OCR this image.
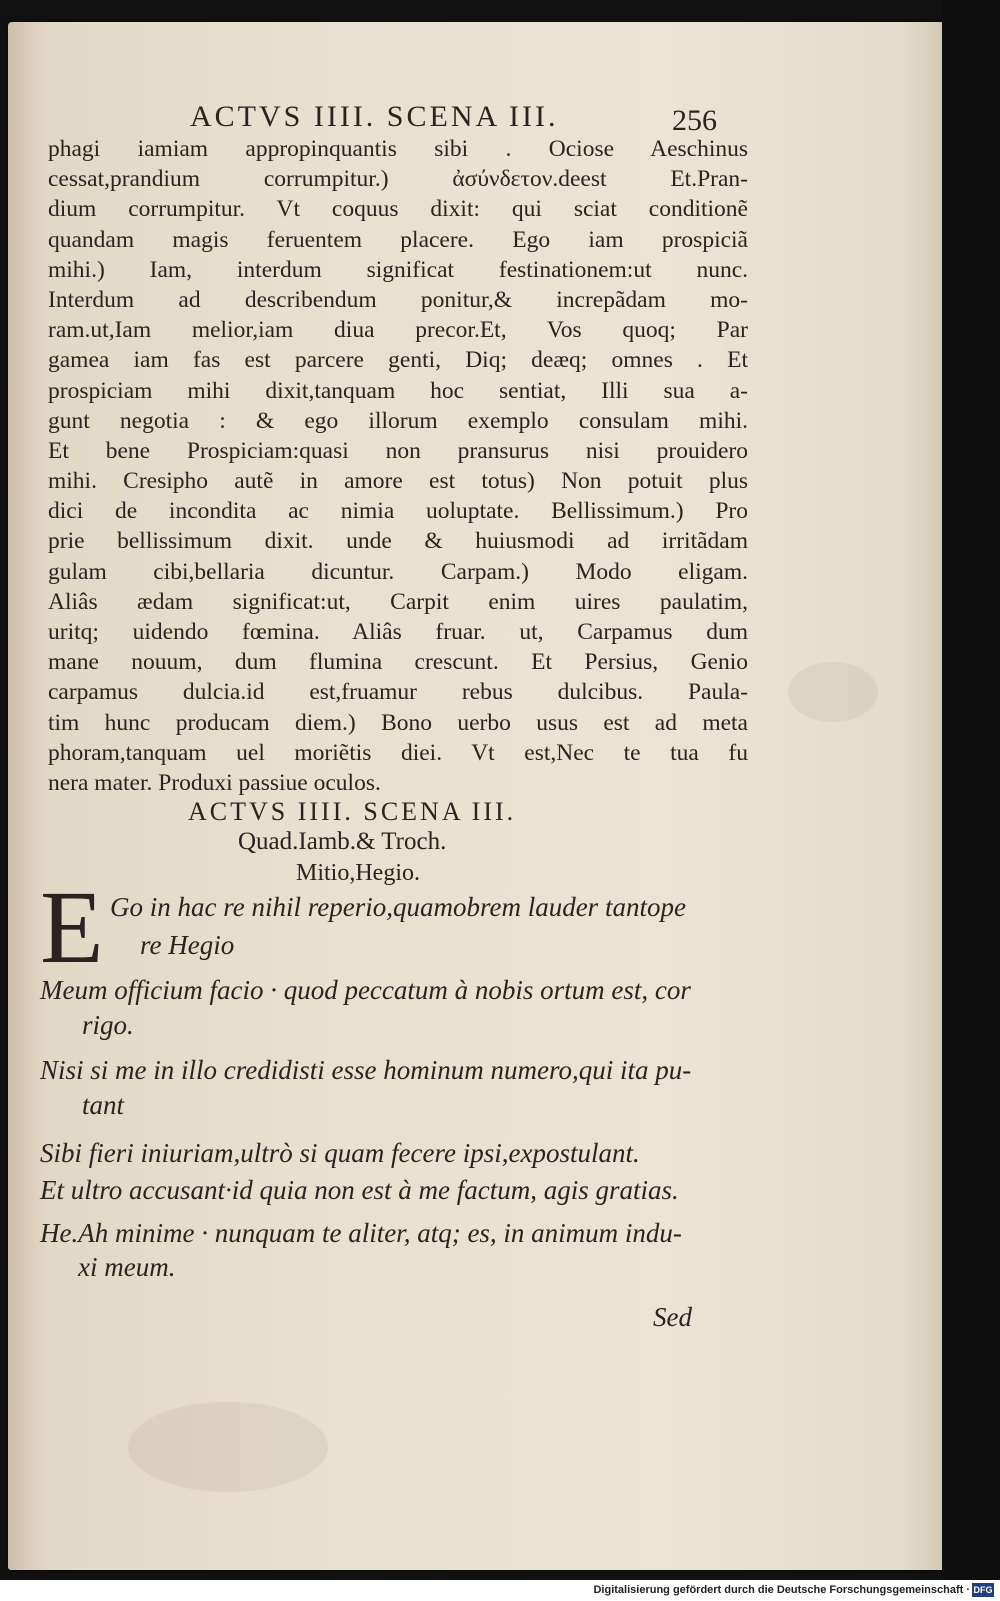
ACTVS IIII. SCENA III.	256
phagi iamiam appropinquantis sibi . Ociose Aeschinus
cessat,prandium corrumpitur.) ἀσύνδετον.deest Et.Pran-
dium corrumpitur. Vt coquus dixit: qui sciat conditionẽ
quandam magis feruentem placere. Ego iam prospiciã
mihi.) Iam, interdum significat festinationem:ut nunc.
Interdum ad describendum ponitur,& increpãdam mo-
ram.ut,Iam melior,iam diua precor.Et, Vos quoq; Par
gamea iam fas est parcere genti, Diq; deæq; omnes . Et
prospiciam mihi dixit,tanquam hoc sentiat, Illi sua a-
gunt negotia : & ego illorum exemplo consulam mihi.
Et bene Prospiciam:quasi non pransurus nisi prouidero
mihi. Cresipho autẽ in amore est totus) Non potuit plus
dici de incondita ac nimia uoluptate. Bellissimum.) Pro
prie bellissimum dixit. unde & huiusmodi ad irritãdam
gulam cibi,bellaria dicuntur. Carpam.) Modo eligam.
Aliâs ædam significat:ut, Carpit enim uires paulatim,
uritq; uidendo fœmina. Aliâs fruar. ut, Carpamus dum
mane nouum, dum flumina crescunt. Et Persius, Genio
carpamus dulcia.id est,fruamur rebus dulcibus. Paula-
tim hunc producam diem.) Bono uerbo usus est ad meta
phoram,tanquam uel moriẽtis diei. Vt est,Nec te tua fu
nera mater. Produxi passiue oculos.
ACTVS IIII. SCENA III.
Quad.Iamb.& Troch.
Mitio,Hegio.
E Go in hac re nihil reperio,quamobrem lauder tantope
re Hegio
Meum officium facio · quod peccatum à nobis ortum est, cor
rigo.
Nisi si me in illo credidisti esse hominum numero,qui ita pu-
tant
Sibi fieri iniuriam,ultrò si quam fecere ipsi,expostulant.
Et ultro accusant·id quia non est à me factum, agis gratias.
He.Ah minime · nunquam te aliter, atq; es, in animum indu-
xi meum.
Sed
Digitalisierung gefördert durch die Deutsche Forschungsgemeinschaft · DFG
